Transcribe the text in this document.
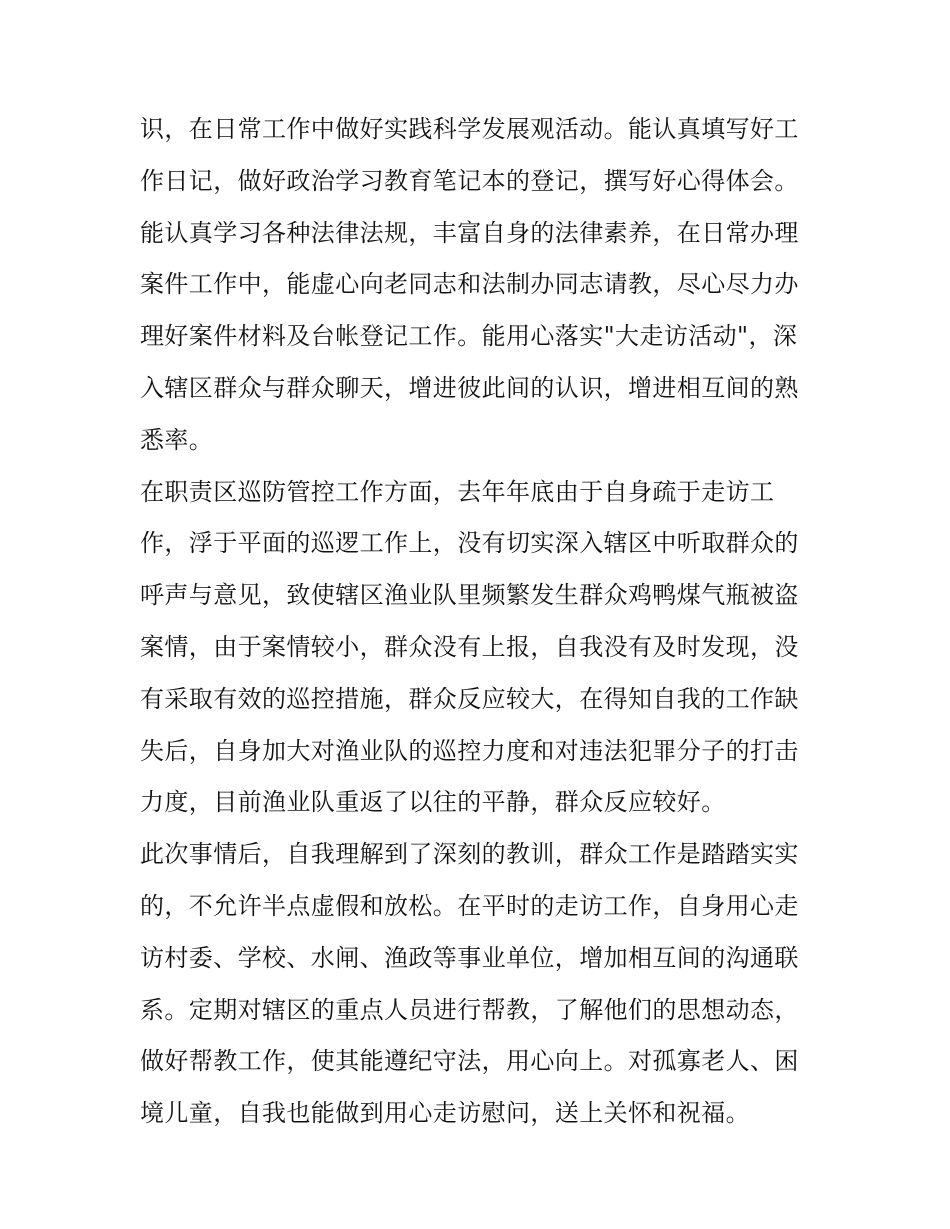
识，在日常工作中做好实践科学发展观活动。能认真填写好工
作日记，做好政治学习教育笔记本的登记，撰写好心得体会。
能认真学习各种法律法规，丰富自身的法律素养，在日常办理
案件工作中，能虚心向老同志和法制办同志请教，尽心尽力办
理好案件材料及台帐登记工作。能用心落实"大走访活动"，深
入辖区群众与群众聊天，增进彼此间的认识，增进相互间的熟
悉率。
在职责区巡防管控工作方面，去年年底由于自身疏于走访工
作，浮于平面的巡逻工作上，没有切实深入辖区中听取群众的
呼声与意见，致使辖区渔业队里频繁发生群众鸡鸭煤气瓶被盗
案情，由于案情较小，群众没有上报，自我没有及时发现，没
有采取有效的巡控措施，群众反应较大，在得知自我的工作缺
失后，自身加大对渔业队的巡控力度和对违法犯罪分子的打击
力度，目前渔业队重返了以往的平静，群众反应较好。
此次事情后，自我理解到了深刻的教训，群众工作是踏踏实实
的，不允许半点虚假和放松。在平时的走访工作，自身用心走
访村委、学校、水闸、渔政等事业单位，增加相互间的沟通联
系。定期对辖区的重点人员进行帮教，了解他们的思想动态，
做好帮教工作，使其能遵纪守法，用心向上。对孤寡老人、困
境儿童，自我也能做到用心走访慰问，送上关怀和祝福。
